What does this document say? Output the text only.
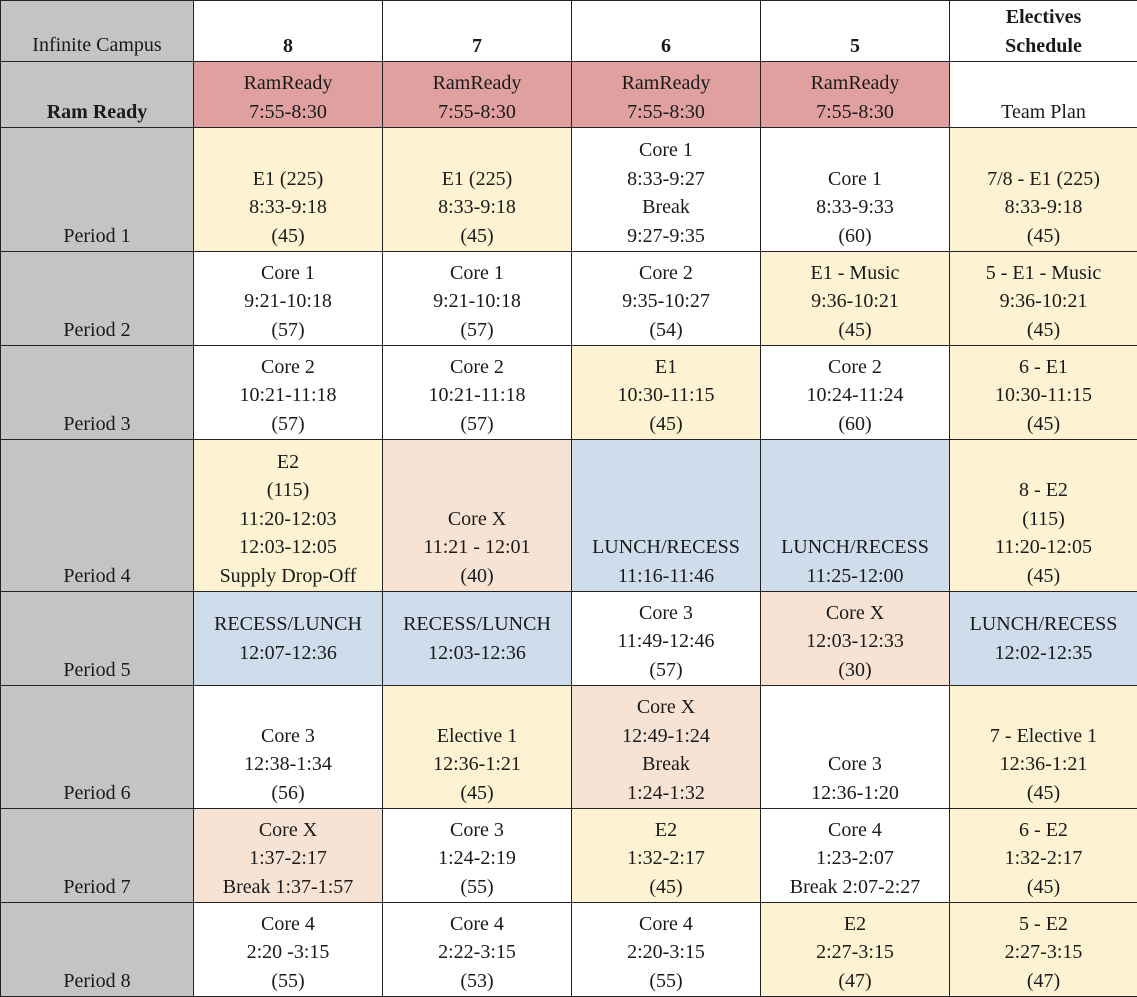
Infinite Campus	8	7	6	5	Electives
Schedule

Ram Ready	RamReady
7:55-8:30	RamReady
7:55-8:30	RamReady
7:55-8:30	RamReady
7:55-8:30	Team Plan

Period 1	E1 (225)
8:33-9:18
(45)	E1 (225)
8:33-9:18
(45)	Core 1
8:33-9:27
Break
9:27-9:35	Core 1
8:33-9:33
(60)	7/8 - E1 (225)
8:33-9:18
(45)

Period 2	Core 1
9:21-10:18
(57)	Core 1
9:21-10:18
(57)	Core 2
9:35-10:27
(54)	E1 - Music
9:36-10:21
(45)	5 - E1 - Music
9:36-10:21
(45)

Period 3	Core 2
10:21-11:18
(57)	Core 2
10:21-11:18
(57)	E1
10:30-11:15
(45)	Core 2
10:24-11:24
(60)	6 - E1
10:30-11:15
(45)

Period 4	E2
(115)
11:20-12:03
12:03-12:05
Supply Drop-Off	Core X
11:21 - 12:01
(40)	LUNCH/RECESS
11:16-11:46	LUNCH/RECESS
11:25-12:00	8 - E2
(115)
11:20-12:05
(45)

Period 5	RECESS/LUNCH
12:07-12:36	RECESS/LUNCH
12:03-12:36	Core 3
11:49-12:46
(57)	Core X
12:03-12:33
(30)	LUNCH/RECESS
12:02-12:35

Period 6	Core 3
12:38-1:34
(56)	Elective 1
12:36-1:21
(45)	Core X
12:49-1:24
Break
1:24-1:32	Core 3
12:36-1:20	7 - Elective 1
12:36-1:21
(45)

Period 7	Core X
1:37-2:17
Break 1:37-1:57	Core 3
1:24-2:19
(55)	E2
1:32-2:17
(45)	Core 4
1:23-2:07
Break 2:07-2:27	6 - E2
1:32-2:17
(45)

Period 8	Core 4
2:20 -3:15
(55)	Core 4
2:22-3:15
(53)	Core 4
2:20-3:15
(55)	E2
2:27-3:15
(47)	5 - E2
2:27-3:15
(47)
